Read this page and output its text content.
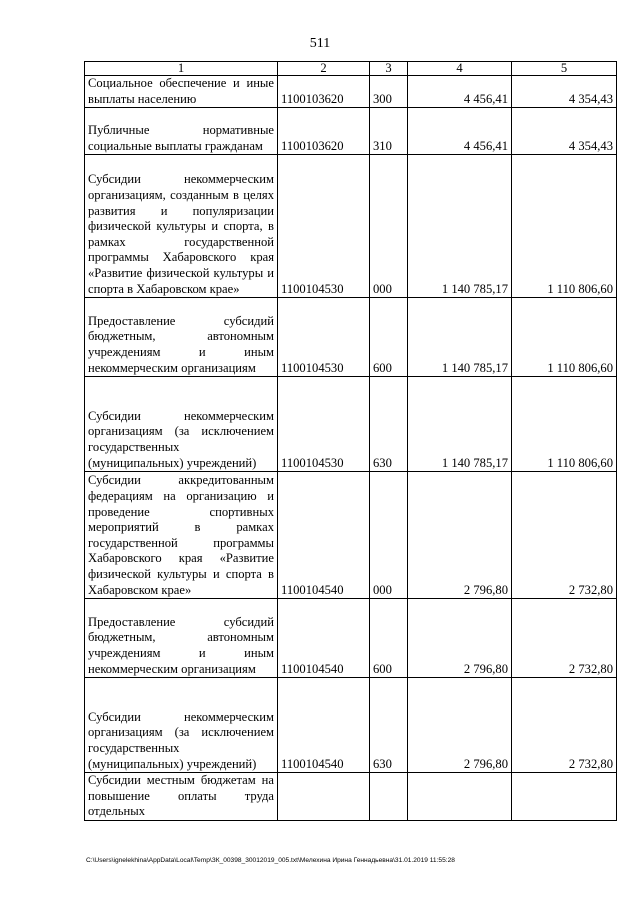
511
1	2	3	4	5
Социальное обеспечение и иные выплаты населению	1100103620	300	4 456,41	4 354,43
Публичные нормативные социальные выплаты гражданам	1100103620	310	4 456,41	4 354,43
Субсидии некоммерческим организациям, созданным в целях развития и популяризации физической культуры и спорта, в рамках государственной программы Хабаровского края «Развитие физической культуры и спорта в Хабаровском крае»	1100104530	000	1 140 785,17	1 110 806,60
Предоставление субсидий бюджетным, автономным учреждениям и иным некоммерческим организациям	1100104530	600	1 140 785,17	1 110 806,60
Субсидии некоммерческим организациям (за исключением государственных (муниципальных) учреждений)	1100104530	630	1 140 785,17	1 110 806,60
Субсидии аккредитованным федерациям на организацию и проведение спортивных мероприятий в рамках государственной программы Хабаровского края «Развитие физической культуры и спорта в Хабаровском крае»	1100104540	000	2 796,80	2 732,80
Предоставление субсидий бюджетным, автономным учреждениям и иным некоммерческим организациям	1100104540	600	2 796,80	2 732,80
Субсидии некоммерческим организациям (за исключением государственных (муниципальных) учреждений)	1100104540	630	2 796,80	2 732,80
Субсидии местным бюджетам на повышение оплаты труда отдельных				
C:\Users\ignelekhina\AppData\Local\Temp\ЗК_00398_30012019_005.txt\Мелехина Ирина Геннадьевна\31.01.2019 11:55:28
